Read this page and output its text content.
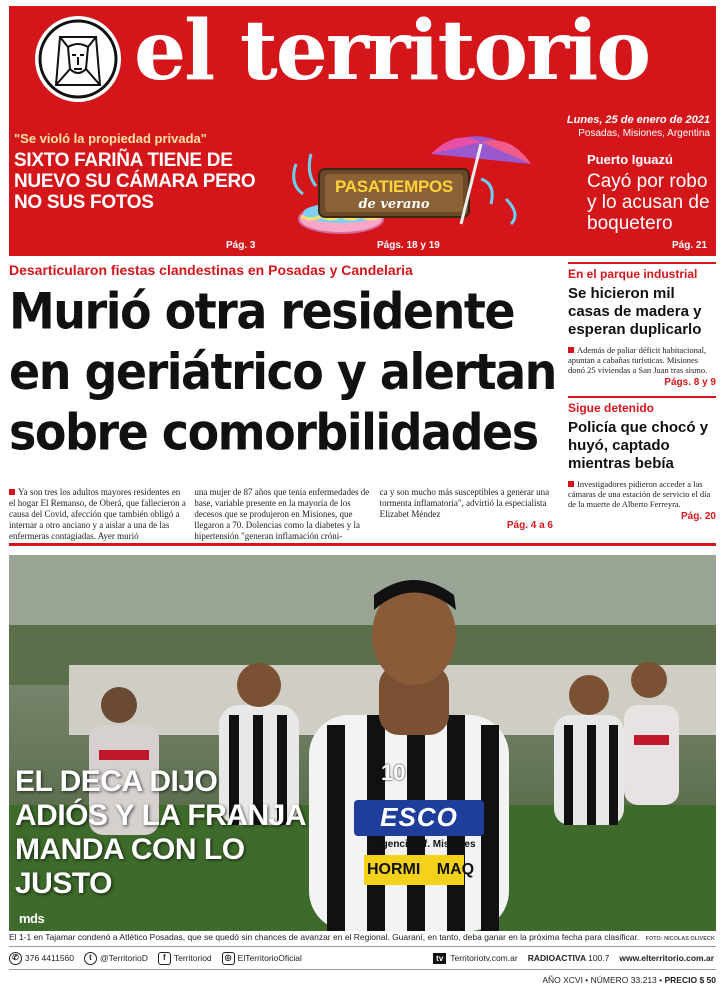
el territorio
Lunes, 25 de enero de 2021
Posadas, Misiones, Argentina
"Se violó la propiedad privada"
SIXTO FARIÑA TIENE DE NUEVO SU CÁMARA PERO NO SUS FOTOS
Pág. 3
PASATIEMPOS
de verano
Págs. 18 y 19
Puerto Iguazú
Cayó por robo y lo acusan de boquetero
Pág. 21
Desarticularon fiestas clandestinas en Posadas y Candelaria
Murió otra residente en geriátrico y alertan sobre comorbilidades
Ya son tres los adultos mayores residentes en el hogar El Remanso, de Oberá, que fallecieron a causa del Covid, afección que también obligó a internar a otro anciano y a aislar a una de las enfermeras contagiadas. Ayer murió
una mujer de 87 años que tenía enfermedades de base, variable presente en la mayoría de los decesos que se produjeron en Misiones, que llegaron a 70. Dolencias como la diabetes y la hipertensión "generan inflamación cróni-
ca y son mucho más susceptibles a generar una tormenta inflamatoria", advirtió la especialista Elizabet Méndez
Pág. 4 a 6
En el parque industrial
Se hicieron mil casas de madera y esperan duplicarlo
Además de paliar déficit habitacional, apuntan a cabañas turísticas. Misiones donó 25 viviendas a San Juan tras sismo.
Págs. 8 y 9
Sigue detenido
Policía que chocó y huyó, captado mientras bebía
Investigadores pidieron acceder a las cámaras de una estación de servicio el día de la muerte de Alberto Ferreyra.
Pág. 20
10
ESCO
Agencia Of. Misiones
HORMI MAQ
EL DECA DIJO ADIÓS Y LA FRANJA MANDA CON LO JUSTO
mds
El 1-1 en Tajamar condenó a Atlético Posadas, que se quedó sin chances de avanzar en el Regional. Guaraní, en tanto, deba ganar en la próxima fecha para clasificar. FOTO: NICOLAS OLIVECK
✆ 376 4411560	t @TerritorioD	f Territoriod	◎ ElTerritorioOficial	tv Territoriotv.com.ar RADIOACTIVA 100.7 www.elterritorio.com.ar
AÑO XCVI • NÚMERO 33.213 • PRECIO $ 50
